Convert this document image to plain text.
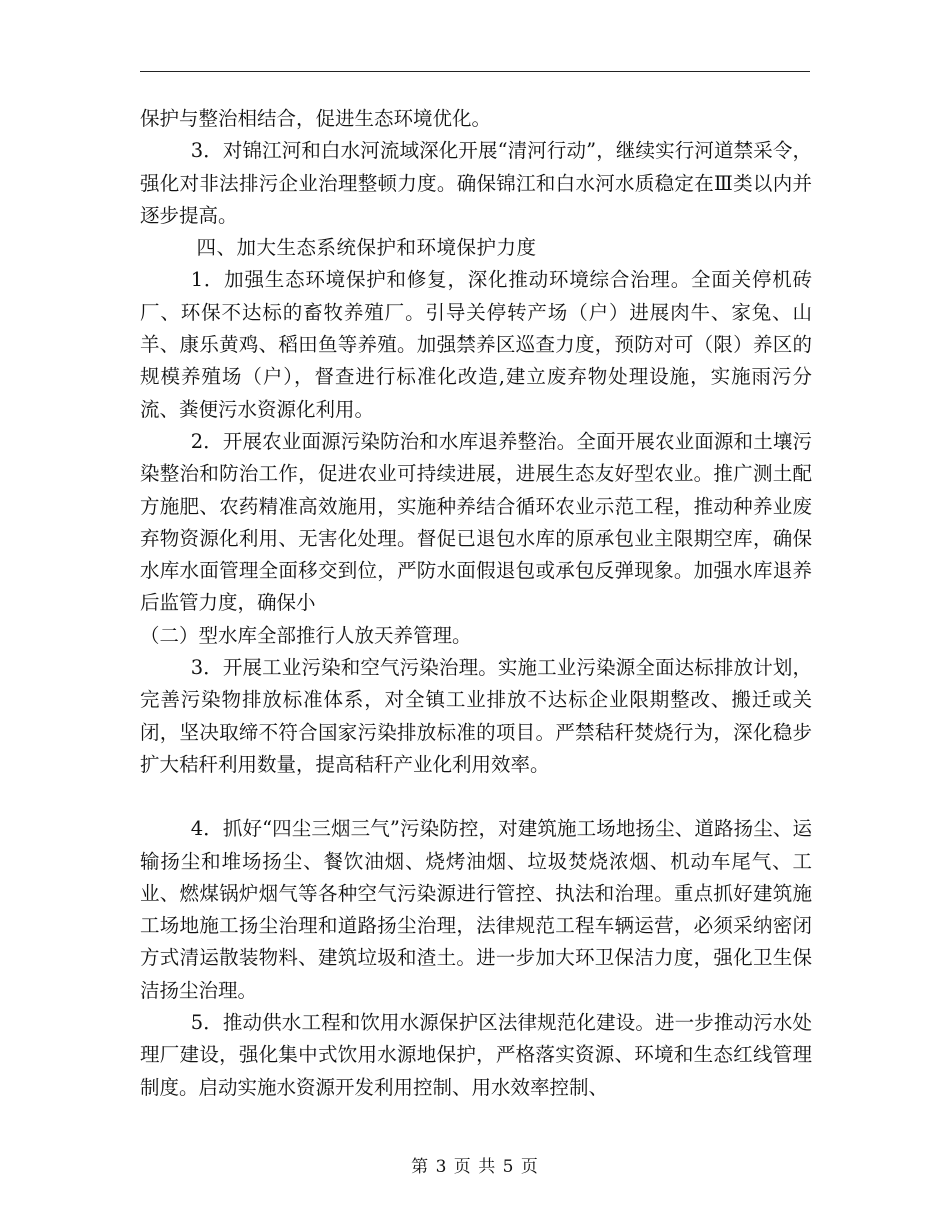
保护与整治相结合，促进生态环境优化。

3．对锦江河和白水河流域深化开展“清河行动”，继续实行河道禁采令，强化对非法排污企业治理整顿力度。确保锦江和白水河水质稳定在Ⅲ类以内并逐步提高。

四、加大生态系统保护和环境保护力度

1．加强生态环境保护和修复，深化推动环境综合治理。全面关停机砖厂、环保不达标的畜牧养殖厂。引导关停转产场（户）进展肉牛、家兔、山羊、康乐黄鸡、稻田鱼等养殖。加强禁养区巡查力度，预防对可（限）养区的规模养殖场（户），督查进行标准化改造,建立废弃物处理设施，实施雨污分流、粪便污水资源化利用。

2．开展农业面源污染防治和水库退养整治。全面开展农业面源和土壤污染整治和防治工作，促进农业可持续进展，进展生态友好型农业。推广测土配方施肥、农药精准高效施用，实施种养结合循环农业示范工程，推动种养业废弃物资源化利用、无害化处理。督促已退包水库的原承包业主限期空库，确保水库水面管理全面移交到位，严防水面假退包或承包反弹现象。加强水库退养后监管力度，确保小

（二）型水库全部推行人放天养管理。

3．开展工业污染和空气污染治理。实施工业污染源全面达标排放计划，完善污染物排放标准体系，对全镇工业排放不达标企业限期整改、搬迁或关闭，坚决取缔不符合国家污染排放标准的项目。严禁秸秆焚烧行为，深化稳步扩大秸秆利用数量，提高秸秆产业化利用效率。

4．抓好“四尘三烟三气”污染防控，对建筑施工场地扬尘、道路扬尘、运输扬尘和堆场扬尘、餐饮油烟、烧烤油烟、垃圾焚烧浓烟、机动车尾气、工业、燃煤锅炉烟气等各种空气污染源进行管控、执法和治理。重点抓好建筑施工场地施工扬尘治理和道路扬尘治理，法律规范工程车辆运营，必须采纳密闭方式清运散装物料、建筑垃圾和渣土。进一步加大环卫保洁力度，强化卫生保洁扬尘治理。

5．推动供水工程和饮用水源保护区法律规范化建设。进一步推动污水处理厂建设，强化集中式饮用水源地保护，严格落实资源、环境和生态红线管理制度。启动实施水资源开发利用控制、用水效率控制、

第 3 页 共 5 页
